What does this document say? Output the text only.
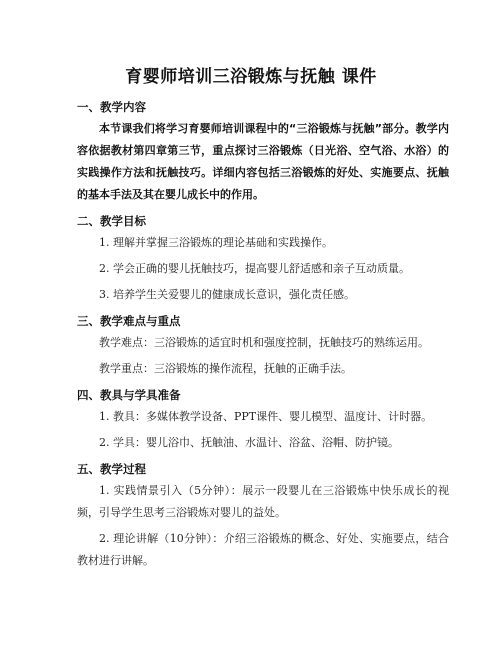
育婴师培训三浴锻炼与抚触 课件
一、教学内容
本节课我们将学习育婴师培训课程中的“三浴锻炼与抚触”部分。教学内容依据教材第四章第三节，重点探讨三浴锻炼（日光浴、空气浴、水浴）的实践操作方法和抚触技巧。详细内容包括三浴锻炼的好处、实施要点、抚触的基本手法及其在婴儿成长中的作用。
二、教学目标
1. 理解并掌握三浴锻炼的理论基础和实践操作。
2. 学会正确的婴儿抚触技巧，提高婴儿舒适感和亲子互动质量。
3. 培养学生关爱婴儿的健康成长意识，强化责任感。
三、教学难点与重点
教学难点：三浴锻炼的适宜时机和强度控制，抚触技巧的熟练运用。
教学重点：三浴锻炼的操作流程，抚触的正确手法。
四、教具与学具准备
1. 教具：多媒体教学设备、PPT课件、婴儿模型、温度计、计时器。
2. 学具：婴儿浴巾、抚触油、水温计、浴盆、浴帽、防护镜。
五、教学过程
1. 实践情景引入（5分钟）：展示一段婴儿在三浴锻炼中快乐成长的视频，引导学生思考三浴锻炼对婴儿的益处。
2. 理论讲解（10分钟）：介绍三浴锻炼的概念、好处、实施要点，结合教材进行讲解。
